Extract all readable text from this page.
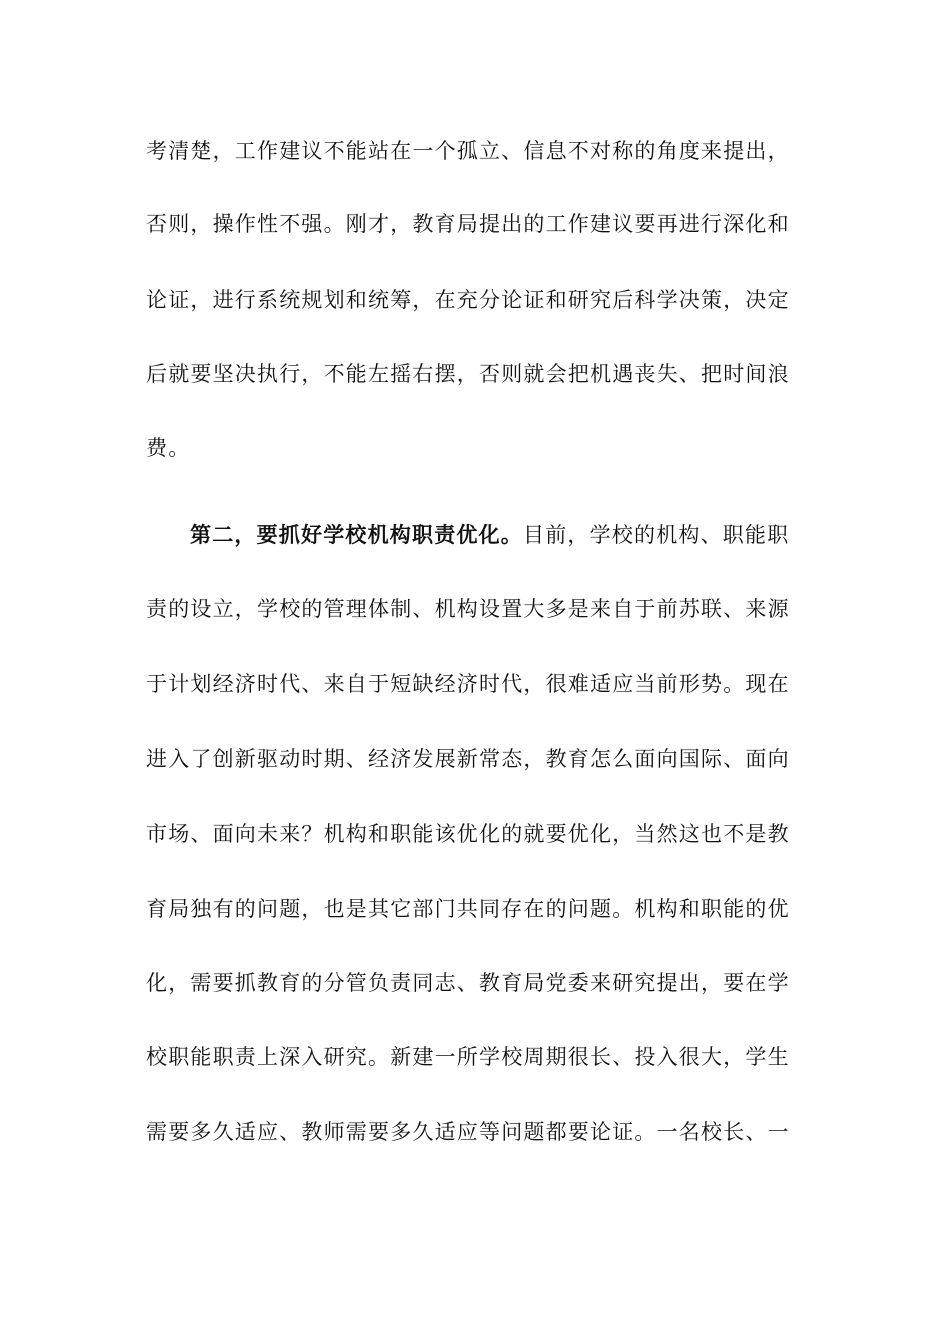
考清楚，工作建议不能站在一个孤立、信息不对称的角度来提出，
否则，操作性不强。刚才，教育局提出的工作建议要再进行深化和
论证，进行系统规划和统筹，在充分论证和研究后科学决策，决定
后就要坚决执行，不能左摇右摆，否则就会把机遇丧失、把时间浪
费。
第二，要抓好学校机构职责优化。目前，学校的机构、职能职
责的设立，学校的管理体制、机构设置大多是来自于前苏联、来源
于计划经济时代、来自于短缺经济时代，很难适应当前形势。现在
进入了创新驱动时期、经济发展新常态，教育怎么面向国际、面向
市场、面向未来？机构和职能该优化的就要优化，当然这也不是教
育局独有的问题，也是其它部门共同存在的问题。机构和职能的优
化，需要抓教育的分管负责同志、教育局党委来研究提出，要在学
校职能职责上深入研究。新建一所学校周期很长、投入很大，学生
需要多久适应、教师需要多久适应等问题都要论证。一名校长、一
